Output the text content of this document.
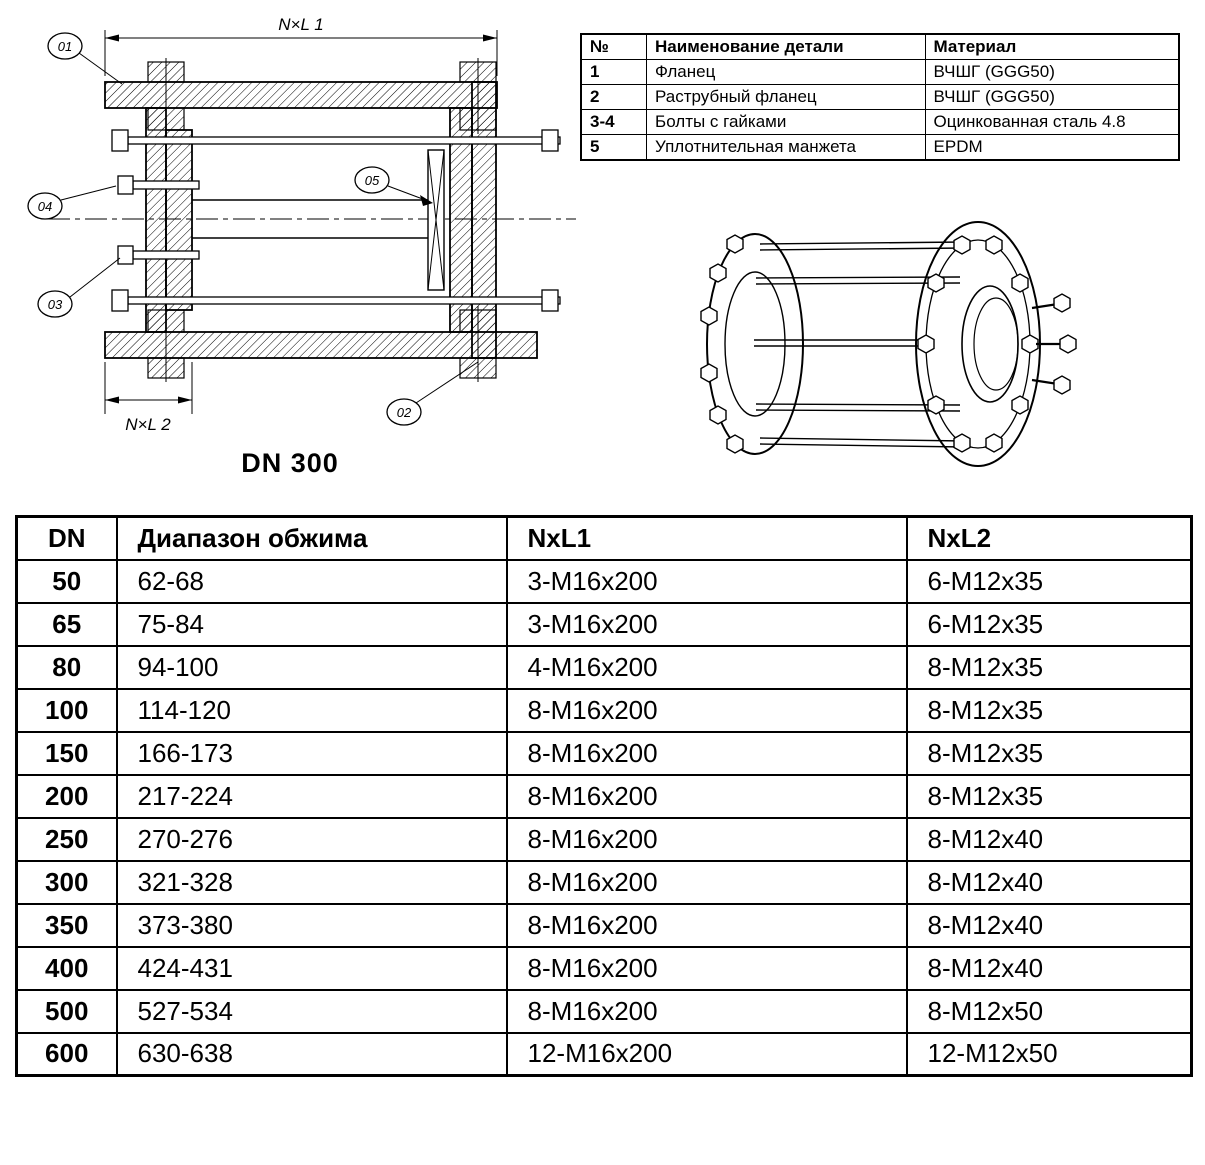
N×L 1
N×L 2
01
04
03
05
02
DN 300
№	Наименование детали	Материал
1	Фланец	ВЧШГ (GGG50)
2	Раструбный фланец	ВЧШГ (GGG50)
3-4	Болты с гайками	Оцинкованная сталь 4.8
5	Уплотнительная манжета	EPDM
DN	Диапазон обжима	NxL1	NxL2
50	62-68	3-M16x200	6-M12x35
65	75-84	3-M16x200	6-M12x35
80	94-100	4-M16x200	8-M12x35
100	114-120	8-M16x200	8-M12x35
150	166-173	8-M16x200	8-M12x35
200	217-224	8-M16x200	8-M12x35
250	270-276	8-M16x200	8-M12x40
300	321-328	8-M16x200	8-M12x40
350	373-380	8-M16x200	8-M12x40
400	424-431	8-M16x200	8-M12x40
500	527-534	8-M16x200	8-M12x50
600	630-638	12-M16x200	12-M12x50
